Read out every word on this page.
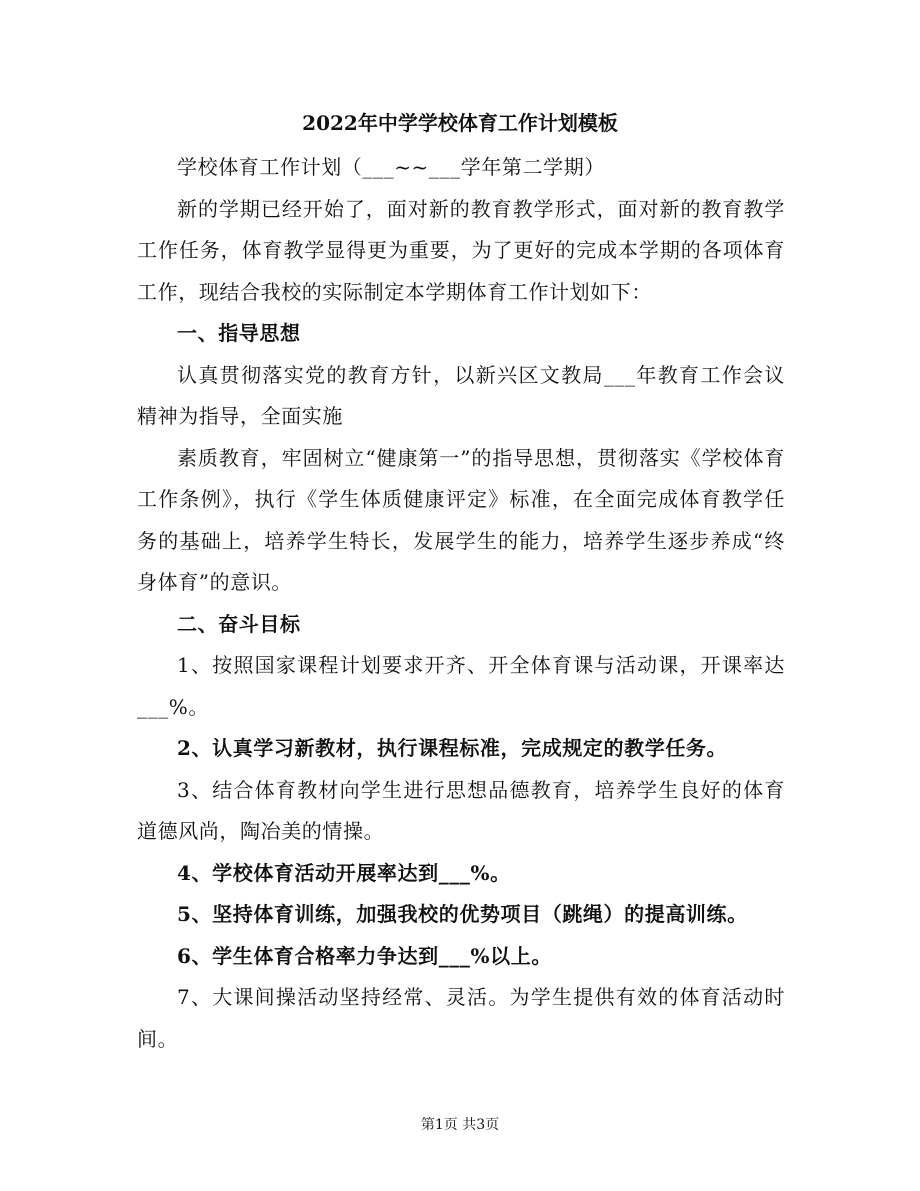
2022年中学学校体育工作计划模板

学校体育工作计划（___~~___学年第二学期）

新的学期已经开始了，面对新的教育教学形式，面对新的教育教学工作任务，体育教学显得更为重要，为了更好的完成本学期的各项体育工作，现结合我校的实际制定本学期体育工作计划如下：

一、指导思想

认真贯彻落实党的教育方针，以新兴区文教局___年教育工作会议精神为指导，全面实施

素质教育，牢固树立“健康第一”的指导思想，贯彻落实《学校体育工作条例》，执行《学生体质健康评定》标准，在全面完成体育教学任务的基础上，培养学生特长，发展学生的能力，培养学生逐步养成“终身体育”的意识。

二、奋斗目标

1、按照国家课程计划要求开齐、开全体育课与活动课，开课率达___%。

2、认真学习新教材，执行课程标准，完成规定的教学任务。

3、结合体育教材向学生进行思想品德教育，培养学生良好的体育道德风尚，陶冶美的情操。

4、学校体育活动开展率达到___%。

5、坚持体育训练，加强我校的优势项目（跳绳）的提高训练。

6、学生体育合格率力争达到___%以上。

7、大课间操活动坚持经常、灵活。为学生提供有效的体育活动时间。

第1页 共3页
